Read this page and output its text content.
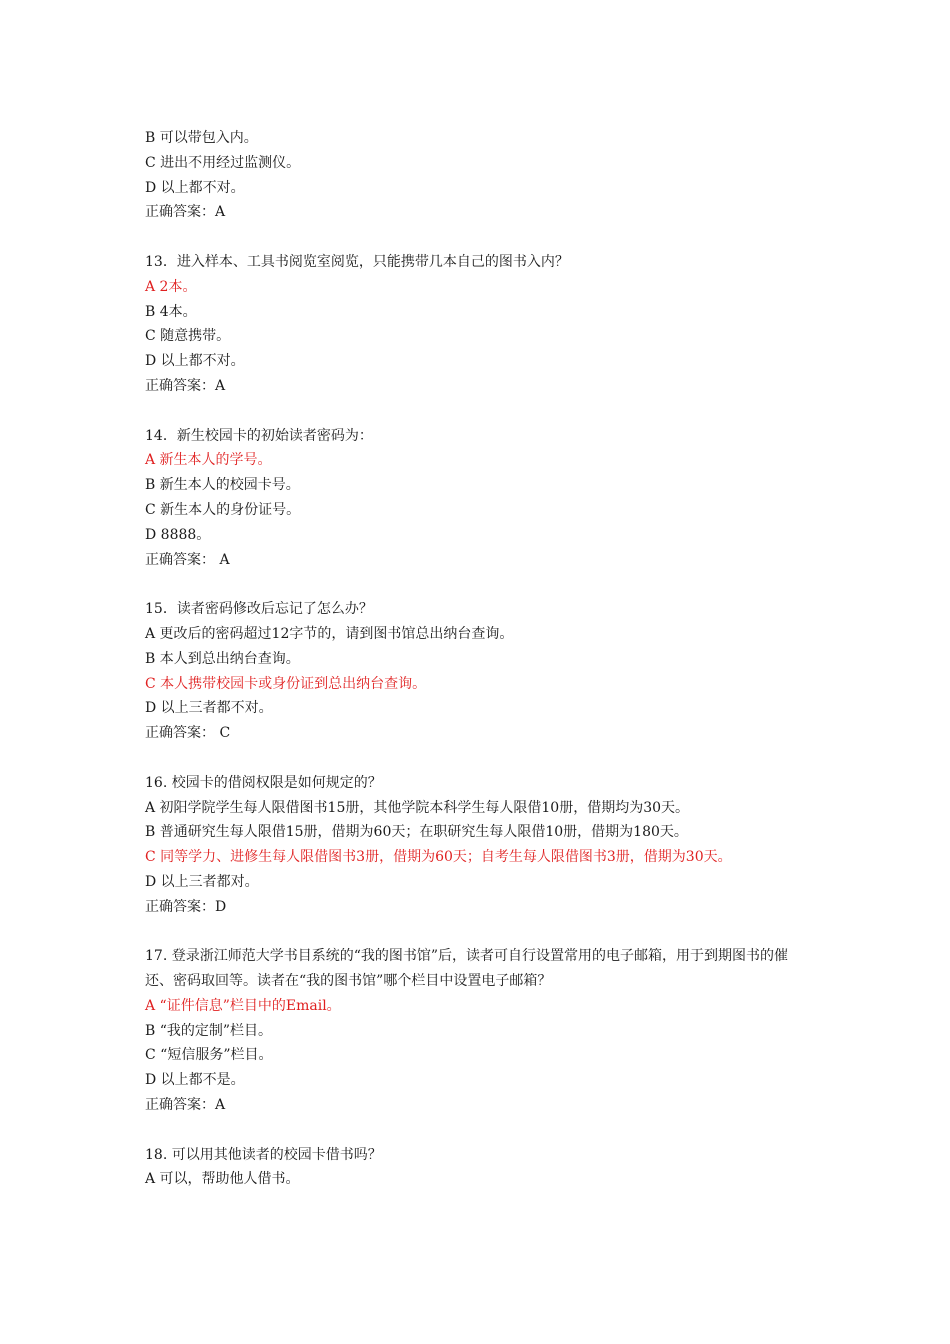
B 可以带包入内。
C 进出不用经过监测仪。
D 以上都不对。
正确答案：A
13．进入样本、工具书阅览室阅览，只能携带几本自己的图书入内？
A 2本。
B 4本。
C 随意携带。
D 以上都不对。
正确答案：A
14．新生校园卡的初始读者密码为：
A 新生本人的学号。
B 新生本人的校园卡号。
C 新生本人的身份证号。
D 8888。
正确答案： A
15．读者密码修改后忘记了怎么办？
A 更改后的密码超过12字节的，请到图书馆总出纳台查询。
B 本人到总出纳台查询。
C 本人携带校园卡或身份证到总出纳台查询。
D 以上三者都不对。
正确答案： C
16. 校园卡的借阅权限是如何规定的？
A 初阳学院学生每人限借图书15册，其他学院本科学生每人限借10册，借期均为30天。
B 普通研究生每人限借15册，借期为60天；在职研究生每人限借10册，借期为180天。
C 同等学力、进修生每人限借图书3册，借期为60天；自考生每人限借图书3册，借期为30天。
D 以上三者都对。
正确答案：D
17. 登录浙江师范大学书目系统的“我的图书馆”后，读者可自行设置常用的电子邮箱，用于到期图书的催还、密码取回等。读者在“我的图书馆”哪个栏目中设置电子邮箱？
A “证件信息”栏目中的Email。
B “我的定制”栏目。
C “短信服务”栏目。
D 以上都不是。
正确答案：A
18. 可以用其他读者的校园卡借书吗？
A 可以，帮助他人借书。
